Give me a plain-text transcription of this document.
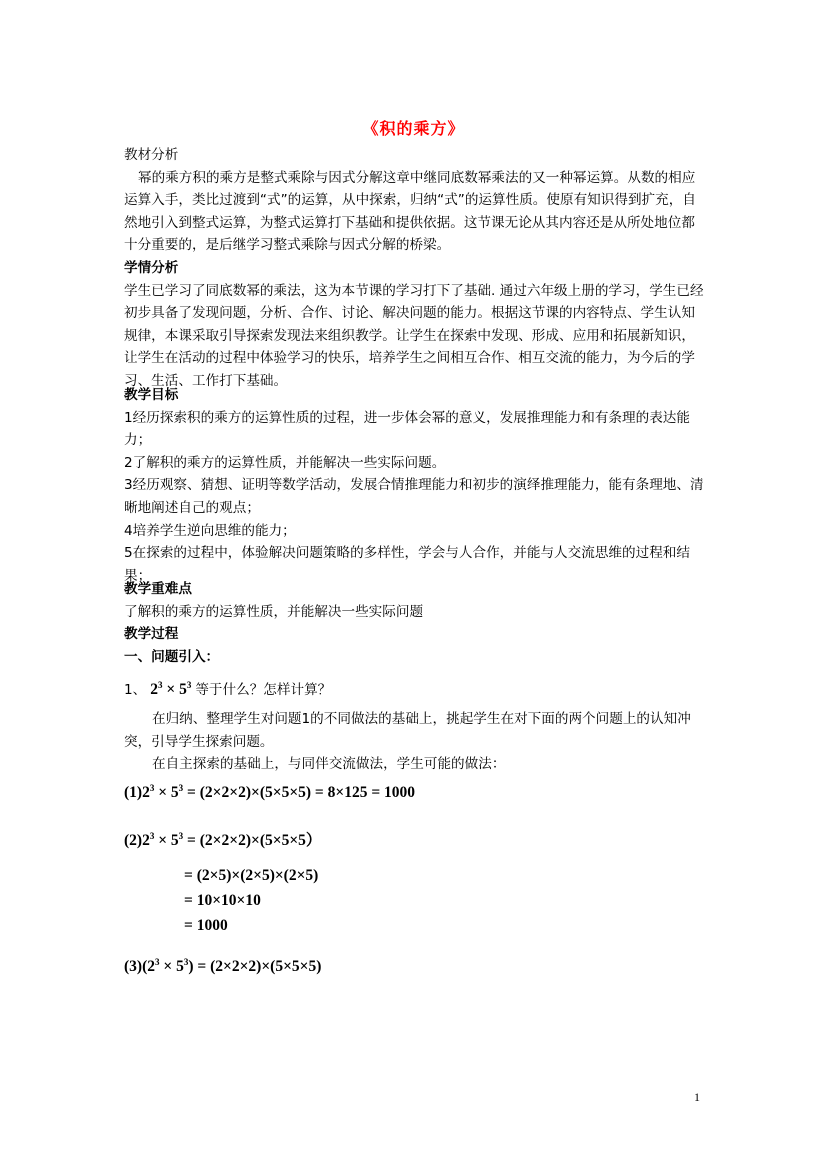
《积的乘方》
教材分析
幂的乘方积的乘方是整式乘除与因式分解这章中继同底数幂乘法的又一种幂运算。从数的相应运算入手，类比过渡到“式”的运算，从中探索，归纳“式”的运算性质。使原有知识得到扩充，自然地引入到整式运算，为整式运算打下基础和提供依据。这节课无论从其内容还是从所处地位都十分重要的，是后继学习整式乘除与因式分解的桥梁。
学情分析
学生已学习了同底数幂的乘法，这为本节课的学习打下了基础. 通过六年级上册的学习，学生已经初步具备了发现问题，分析、合作、讨论、解决问题的能力。根据这节课的内容特点、学生认知规律，本课采取引导探索发现法来组织教学。让学生在探索中发现、形成、应用和拓展新知识，让学生在活动的过程中体验学习的快乐，培养学生之间相互合作、相互交流的能力，为今后的学习、生活、工作打下基础。
教学目标
1经历探索积的乘方的运算性质的过程，进一步体会幂的意义，发展推理能力和有条理的表达能力；
2了解积的乘方的运算性质，并能解决一些实际问题。
3经历观察、猜想、证明等数学活动，发展合情推理能力和初步的演绎推理能力，能有条理地、清晰地阐述自己的观点；
4培养学生逆向思维的能力；
5在探索的过程中，体验解决问题策略的多样性，学会与人合作，并能与人交流思维的过程和结果；
教学重难点
了解积的乘方的运算性质，并能解决一些实际问题
教学过程
一、问题引入：
1、 $2^3 \times 5^3$ 等于什么？怎样计算？
在归纳、整理学生对问题1的不同做法的基础上，挑起学生在对下面的两个问题上的认知冲突，引导学生探索问题。
在自主探索的基础上，与同伴交流做法，学生可能的做法：
$(1)2^3 \times 5^3 = (2\times 2\times 2)\times(5\times 5\times 5) = 8\times 125 = 1000$
$(2)2^3 \times 5^3 = (2\times 2\times 2)\times(5\times 5\times 5)$
= (2×5)×(2×5)×(2×5)
= 10×10×10
= 1000
$(3)(2^3 \times 5^3) = (2\times 2\times 2)\times(5\times 5\times 5)$
1
